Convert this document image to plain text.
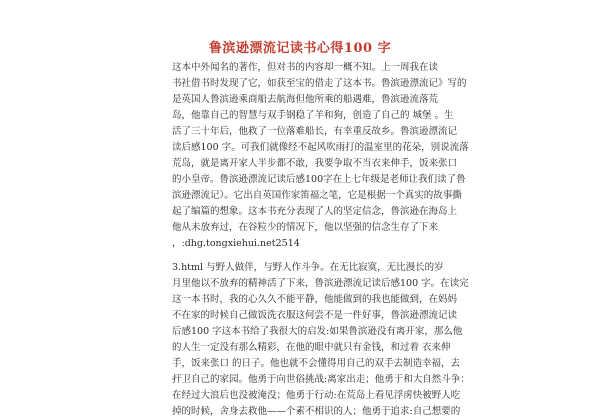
鲁滨逊漂流记读书心得100 字
这本中外闻名的著作，但对书的内容却一概不知。上一周我在读
书社借书时发现了它，如获至宝的借走了这本书。鲁滨逊漂流记》写的
是英国人鲁滨逊乘商船去航海但他所乘的船遇难，鲁滨逊流落荒
岛，他靠自己的智慧与双手钢稳了羊和狗，创造了自己的 城堡 。生
活了三十年后，他救了一位落难船长，有幸重反故乡。鲁滨逊漂流记
读后感100 字。可我们就像经不起风吹雨打的温室里的花朵，别说流落
荒岛，就是离开家人半步都不敢，我要争取不当衣来伸手，饭来张口
的小皇帝。鲁滨逊漂流记读后感100字在上七年级是老师让我们读了鲁
滨逊漂流记）。它出自英国作家笛福之笔，它是根据一个真实的故事撕
起了编篇的想象。这本书充分表现了人的坚定信念，鲁滨逊在海岛上
他从未放弃过，在谷粒少的情况下，他以坚强的信念生存了下来
，:dhg.tongxiehui.net2514
3.html 与野人做伴，与野人作斗争。在无比寂寞，无比漫长的岁
月里他以不放弃的精神活了下来，鲁滨逊漂流记读后感100 字。在读完
这一本书时，我的心久久不能平静，他能做到的我也能做到，在妈妈
不在家的时候自己做饭洗衣服这何尝不是一件好事，鲁滨逊漂流记读
后感100 字这本书给了我很大的启发:如果鲁滨逊没有离开家，那么他
的人生一定没有那么精彩，在他的眼中就只有金钱，和过着 衣来伸
手，饭来张口 的日子。他也就不会懂得用自己的双手去制造幸福，去
扞卫自己的家园。他勇于向世俗挑战:离家出走；他勇于和大自然斗争：
在经过大浪后也没被淹没；他勇于行动:在荒岛上看见浮虏快被野人吃
掉的时候，舍身去救他——个素不相识的人；他勇于追求:自己想要的
